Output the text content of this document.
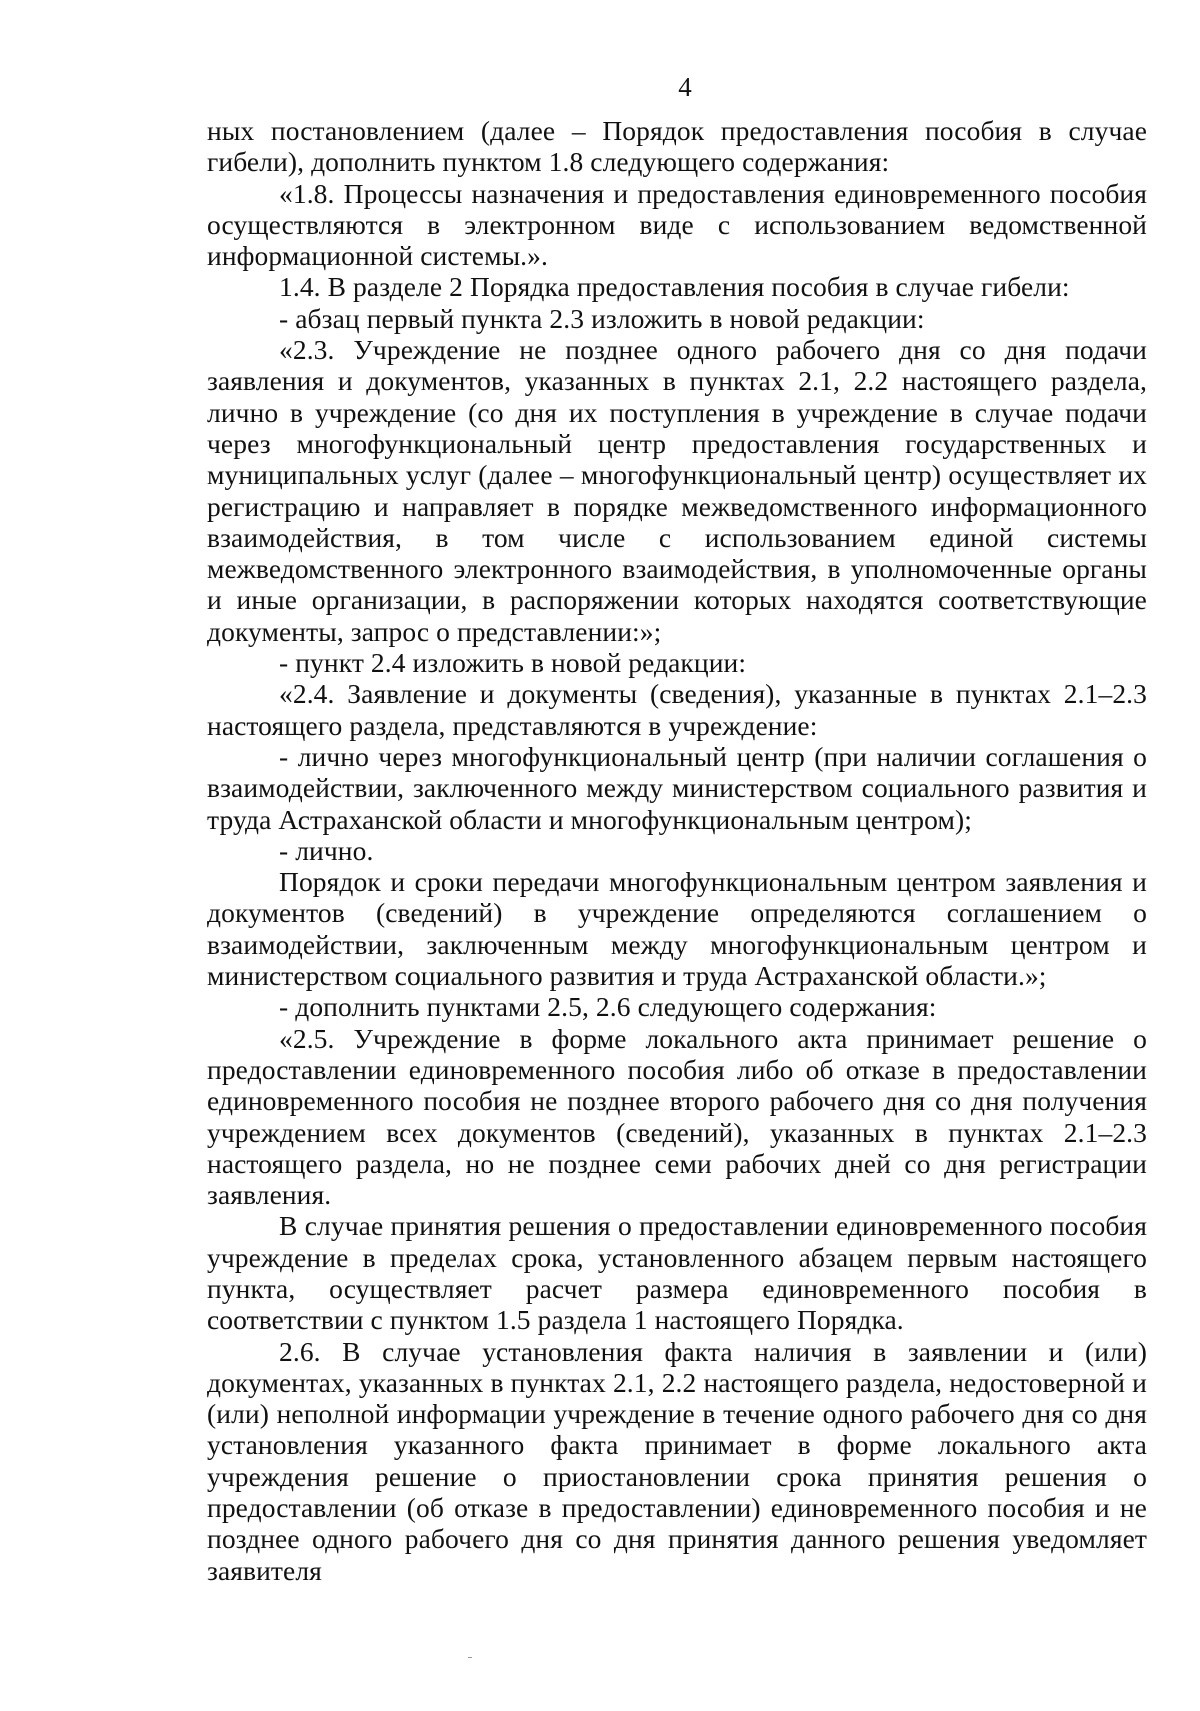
4

ных постановлением (далее – Порядок предоставления пособия в случае гибели), дополнить пунктом 1.8 следующего содержания:

«1.8. Процессы назначения и предоставления единовременного пособия осуществляются в электронном виде с использованием ведомственной информационной системы.».

1.4. В разделе 2 Порядка предоставления пособия в случае гибели:

- абзац первый пункта 2.3 изложить в новой редакции:

«2.3. Учреждение не позднее одного рабочего дня со дня подачи заявления и документов, указанных в пунктах 2.1, 2.2 настоящего раздела, лично в учреждение (со дня их поступления в учреждение в случае подачи через многофункциональный центр предоставления государственных и муниципальных услуг (далее – многофункциональный центр) осуществляет их регистрацию и направляет в порядке межведомственного информационного взаимодействия, в том числе с использованием единой системы межведомственного электронного взаимодействия, в уполномоченные органы и иные организации, в распоряжении которых находятся соответствующие документы, запрос о представлении:»;

- пункт 2.4 изложить в новой редакции:

«2.4. Заявление и документы (сведения), указанные в пунктах 2.1–2.3 настоящего раздела, представляются в учреждение:

- лично через многофункциональный центр (при наличии соглашения о взаимодействии, заключенного между министерством социального развития и труда Астраханской области и многофункциональным центром);

- лично.

Порядок и сроки передачи многофункциональным центром заявления и документов (сведений) в учреждение определяются соглашением о взаимодействии, заключенным между многофункциональным центром и министерством социального развития и труда Астраханской области.»;

- дополнить пунктами 2.5, 2.6 следующего содержания:

«2.5. Учреждение в форме локального акта принимает решение о предоставлении единовременного пособия либо об отказе в предоставлении единовременного пособия не позднее второго рабочего дня со дня получения учреждением всех документов (сведений), указанных в пунктах 2.1–2.3 настоящего раздела, но не позднее семи рабочих дней со дня регистрации заявления.

В случае принятия решения о предоставлении единовременного пособия учреждение в пределах срока, установленного абзацем первым настоящего пункта, осуществляет расчет размера единовременного пособия в соответствии с пунктом 1.5 раздела 1 настоящего Порядка.

2.6. В случае установления факта наличия в заявлении и (или) документах, указанных в пунктах 2.1, 2.2 настоящего раздела, недостоверной и (или) неполной информации учреждение в течение одного рабочего дня со дня установления указанного факта принимает в форме локального акта учреждения решение о приостановлении срока принятия решения о предоставлении (об отказе в предоставлении) единовременного пособия и не позднее одного рабочего дня со дня принятия данного решения уведомляет заявителя
